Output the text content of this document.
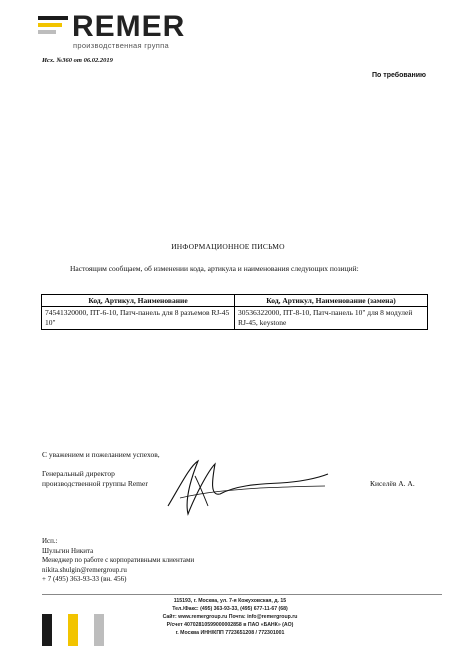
REMER
производственная группа
Исх. №360 от 06.02.2019
По требованию
ИНФОРМАЦИОННОЕ ПИСЬМО
Настоящим сообщаем, об изменении кода, артикула и наименования следующих позиций:
Код, Артикул, Наименование	Код, Артикул, Наименование (замена)
74541320000, ПТ-6-10, Патч-панель для 8 разъемов RJ-45 10"	30536322000, ПТ-8-10, Патч-панель 10" для 8 модулей RJ-45, keystone
С уважением и пожеланием успехов,
Генеральный директор
производственной группы Remer	Киселёв А. А.
Исп.:
Шульгин Никита
Менеджер по работе с корпоративными клиентами
nikita.shulgin@remergroup.ru
+ 7 (495) 363-93-33 (вн. 456)
115193, г. Москва, ул. 7-я Кожуховская, д. 15
Тел./Факс: (495) 363-93-33, (495) 677-11-67 (68)
Сайт: www.remergroup.ru Почта: info@remergroup.ru
Р/счет 40702810599000002858 в ПАО «БАНК» (АО)
г. Москва ИНН/КПП 7723651208 / 772301001
